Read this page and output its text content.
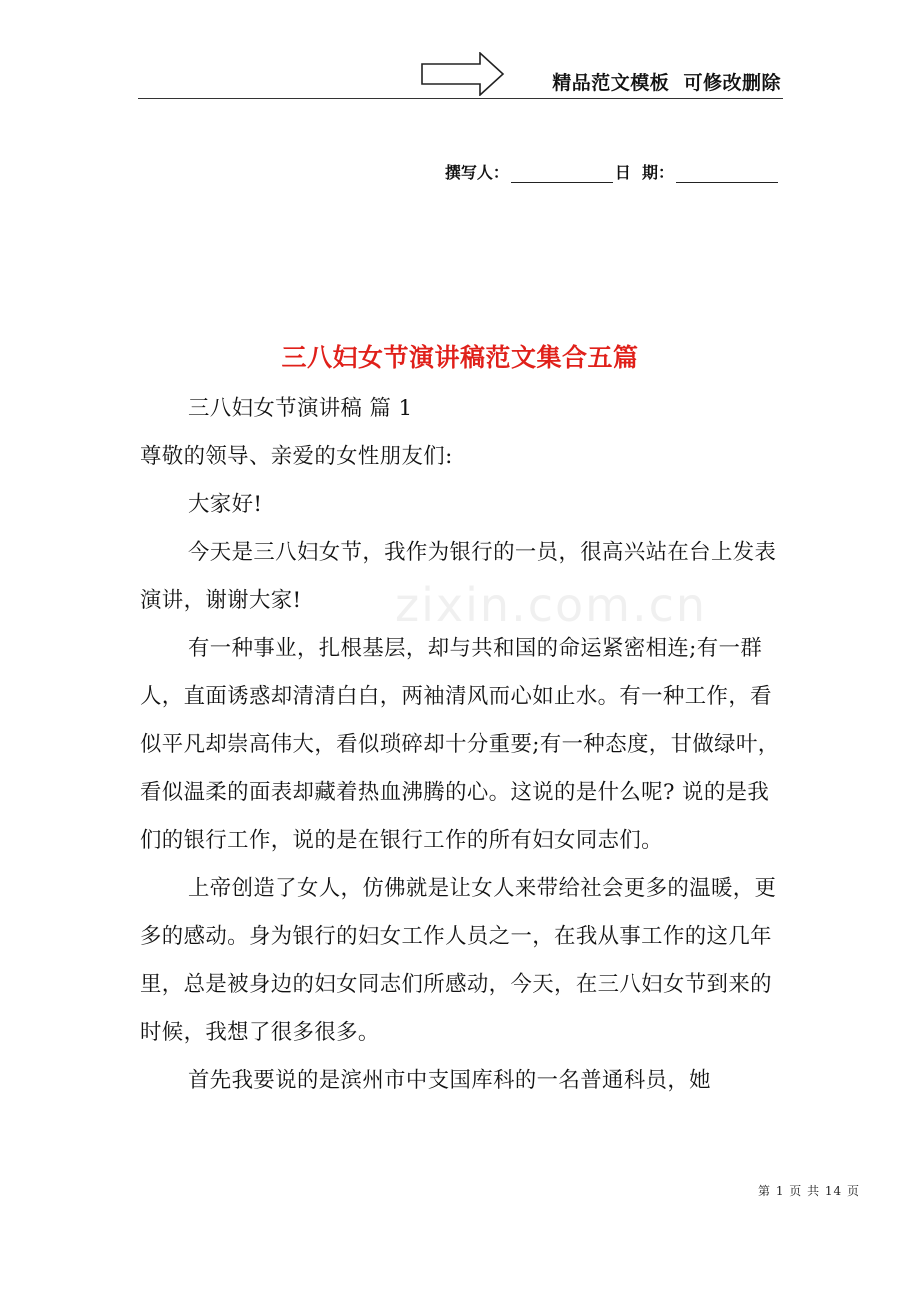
精品范文模板  可修改删除
撰写人：	日  期：
三八妇女节演讲稿范文集合五篇

三八妇女节演讲稿 篇 1

尊敬的领导、亲爱的女性朋友们:

大家好!

今天是三八妇女节，我作为银行的一员，很高兴站在台上发表演讲，谢谢大家!

有一种事业，扎根基层，却与共和国的命运紧密相连;有一群人，直面诱惑却清清白白，两袖清风而心如止水。有一种工作，看似平凡却崇高伟大，看似琐碎却十分重要;有一种态度，甘做绿叶，看似温柔的面表却藏着热血沸腾的心。这说的是什么呢? 说的是我们的银行工作，说的是在银行工作的所有妇女同志们。

上帝创造了女人，仿佛就是让女人来带给社会更多的温暖，更多的感动。身为银行的妇女工作人员之一，在我从事工作的这几年里，总是被身边的妇女同志们所感动，今天，在三八妇女节到来的时候，我想了很多很多。

首先我要说的是滨州市中支国库科的一名普通科员，她

zixin.com.cn
第 1 页 共 14 页
